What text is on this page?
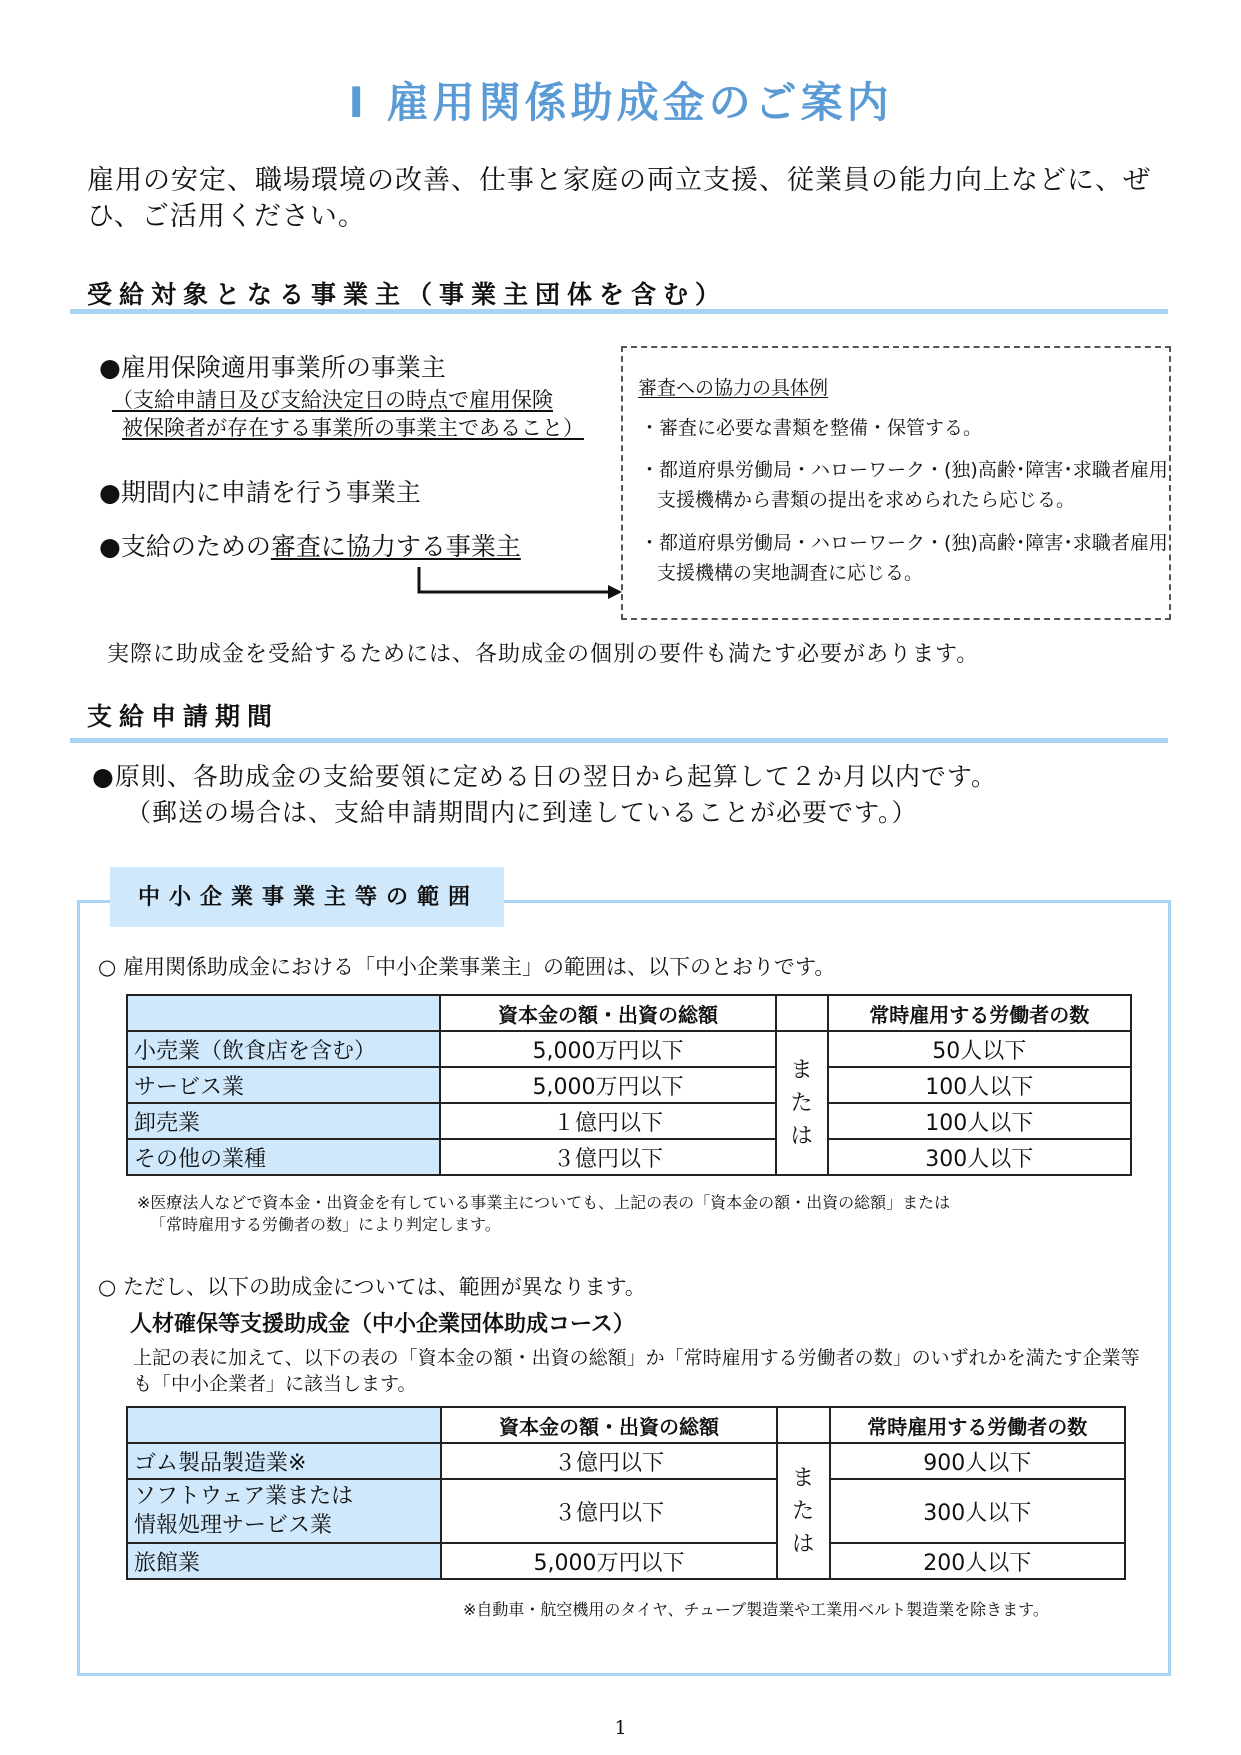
Ⅰ 雇用関係助成金のご案内
雇用の安定、職場環境の改善、仕事と家庭の両立支援、従業員の能力向上などに、ぜひ、ご活用ください。
受給対象となる事業主（事業主団体を含む）
●雇用保険適用事業所の事業主
（支給申請日及び支給決定日の時点で雇用保険
被保険者が存在する事業所の事業主であること）
●期間内に申請を行う事業主
●支給のための審査に協力する事業主
審査への協力の具体例
・審査に必要な書類を整備・保管する。
・都道府県労働局・ハローワーク・(独)高齢･障害･求職者雇用支援機構から書類の提出を求められたら応じる。
・都道府県労働局・ハローワーク・(独)高齢･障害･求職者雇用支援機構の実地調査に応じる。
実際に助成金を受給するためには、各助成金の個別の要件も満たす必要があります。
支給申請期間
●原則、各助成金の支給要領に定める日の翌日から起算して２か月以内です。
（郵送の場合は、支給申請期間内に到達していることが必要です。）
中小企業事業主等の範囲
○ 雇用関係助成金における「中小企業事業主」の範囲は、以下のとおりです。
	資本金の額・出資の総額		常時雇用する労働者の数
小売業（飲食店を含む）	5,000万円以下	または	50人以下
サービス業	5,000万円以下		100人以下
卸売業	１億円以下		100人以下
その他の業種	３億円以下		300人以下
※医療法人などで資本金・出資金を有している事業主についても、上記の表の「資本金の額・出資の総額」または
「常時雇用する労働者の数」により判定します。
○ ただし、以下の助成金については、範囲が異なります。
人材確保等支援助成金（中小企業団体助成コース）
上記の表に加えて、以下の表の「資本金の額・出資の総額」か「常時雇用する労働者の数」のいずれかを満たす企業等も「中小企業者」に該当します。
	資本金の額・出資の総額		常時雇用する労働者の数
ゴム製品製造業※	３億円以下	または	900人以下

ソフトウェア業または
情報処理サービス業	３億円以下		300人以下
旅館業	5,000万円以下		200人以下
※自動車・航空機用のタイヤ、チューブ製造業や工業用ベルト製造業を除きます。
1
